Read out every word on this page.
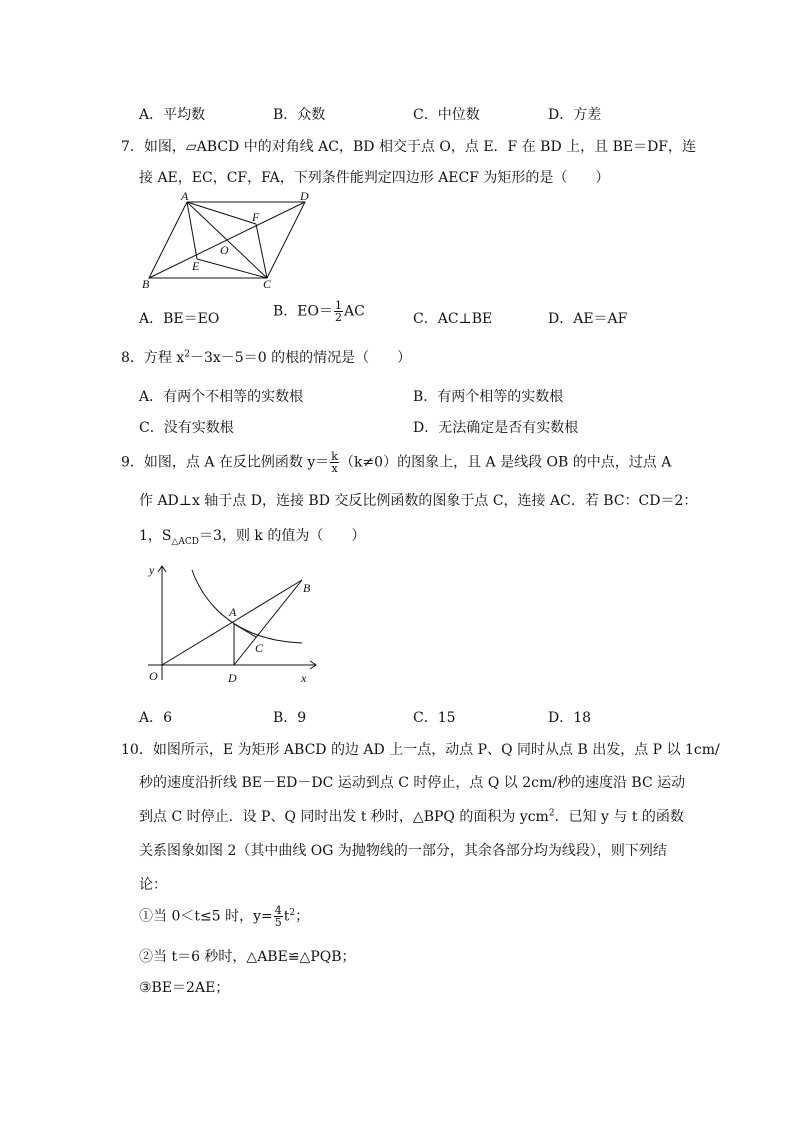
A．平均数	B．众数	C．中位数	D．方差
7．如图，▱ABCD 中的对角线 AC，BD 相交于点 O，点 E．F 在 BD 上，且 BE＝DF，连
接 AE，EC，CF，FA，下列条件能判定四边形 AECF 为矩形的是（　　）
A	D
B	C
E
F
O
A．BE＝EO	B．$EO= \frac{1}{2}$ AC	C．AC⊥BE	D．AE＝AF
8．方程 $x^2-3x-5=0$ 的根的情况是（　　）
A．有两个不相等的实数根	B．有两个相等的实数根
C．没有实数根	D．无法确定是否有实数根
9．如图，点 A 在反比例函数 $y= \frac{k}{x} (k\ne 0)$的图象上，且 A 是线段 OB 的中点，过点 A
作 AD⊥x 轴于点 D，连接 BD 交反比例函数的图象于点 C，连接 AC．若 BC：CD＝2：
1，$S_{\triangle ACD}=3$，则 k 的值为（　　）
y
x
O
A
B
C
D
A．6	B．9	C．15	D．18
10．如图所示，E 为矩形 ABCD 的边 AD 上一点，动点 P、Q 同时从点 B 出发，点 P 以 1cm/
秒的速度沿折线 BE－ED－DC 运动到点 C 时停止，点 Q 以 2cm/秒的速度沿 BC 运动
到点 C 时停止．设 P、Q 同时出发 t 秒时，△BPQ 的面积为 ycm$^2$．已知 y 与 t 的函数
关系图象如图 2（其中曲线 OG 为抛物线的一部分，其余各部分均为线段），则下列结
论：
①当 0＜t≤5 时，$y= \frac{4}{5} t^2$；
②当 t＝6 秒时，△ABE≌△PQB；
③BE＝2AE；
